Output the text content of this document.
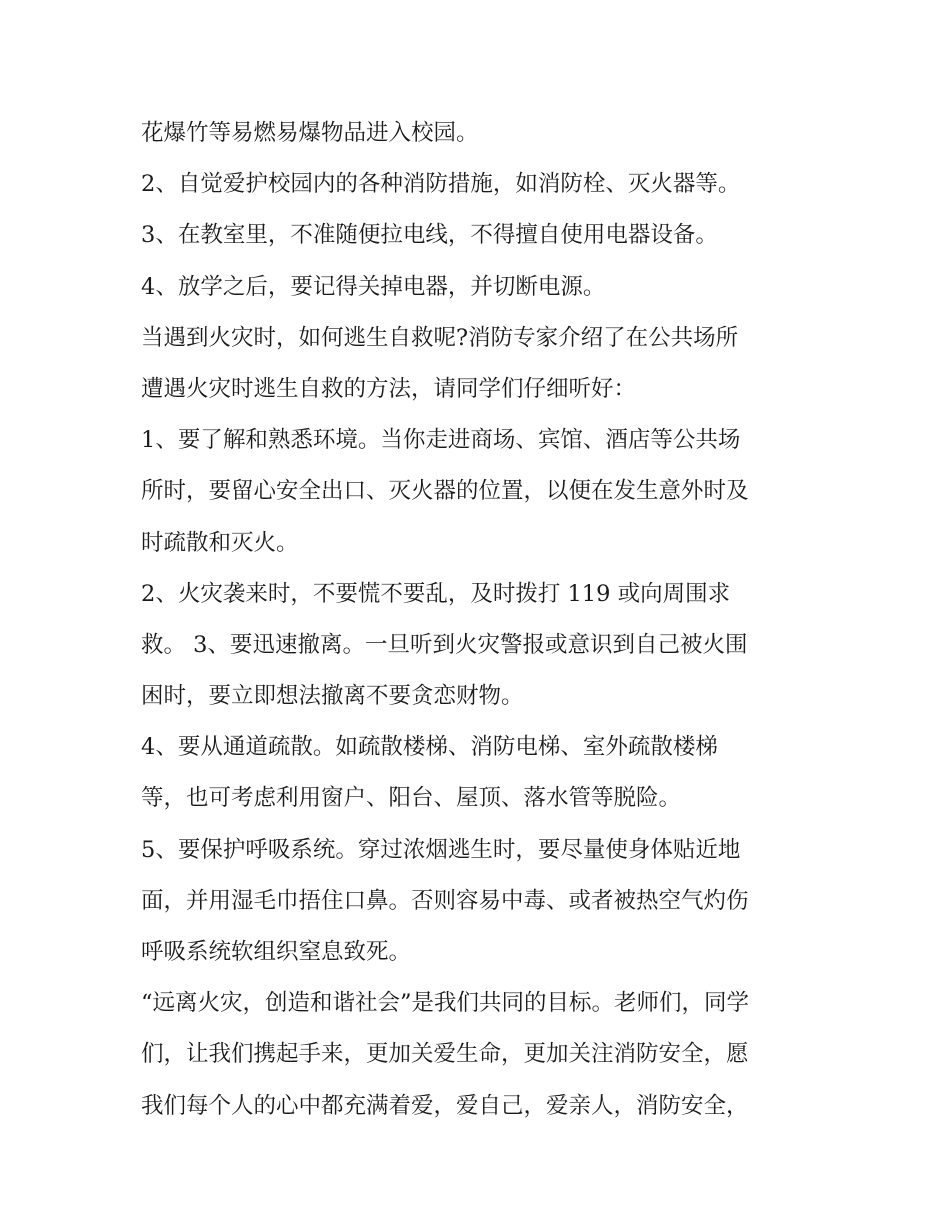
花爆竹等易燃易爆物品进入校园。
2、自觉爱护校园内的各种消防措施，如消防栓、灭火器等。
3、在教室里，不准随便拉电线，不得擅自使用电器设备。
4、放学之后，要记得关掉电器，并切断电源。
当遇到火灾时，如何逃生自救呢?消防专家介绍了在公共场所
遭遇火灾时逃生自救的方法，请同学们仔细听好：
1、要了解和熟悉环境。当你走进商场、宾馆、酒店等公共场
所时，要留心安全出口、灭火器的位置，以便在发生意外时及
时疏散和灭火。
2、火灾袭来时，不要慌不要乱，及时拨打 119 或向周围求
救。 3、要迅速撤离。一旦听到火灾警报或意识到自己被火围
困时，要立即想法撤离不要贪恋财物。
4、要从通道疏散。如疏散楼梯、消防电梯、室外疏散楼梯
等，也可考虑利用窗户、阳台、屋顶、落水管等脱险。
5、要保护呼吸系统。穿过浓烟逃生时，要尽量使身体贴近地
面，并用湿毛巾捂住口鼻。否则容易中毒、或者被热空气灼伤
呼吸系统软组织窒息致死。
“远离火灾，创造和谐社会”是我们共同的目标。老师们，同学
们，让我们携起手来，更加关爱生命，更加关注消防安全，愿
我们每个人的心中都充满着爱，爱自己，爱亲人，消防安全，
